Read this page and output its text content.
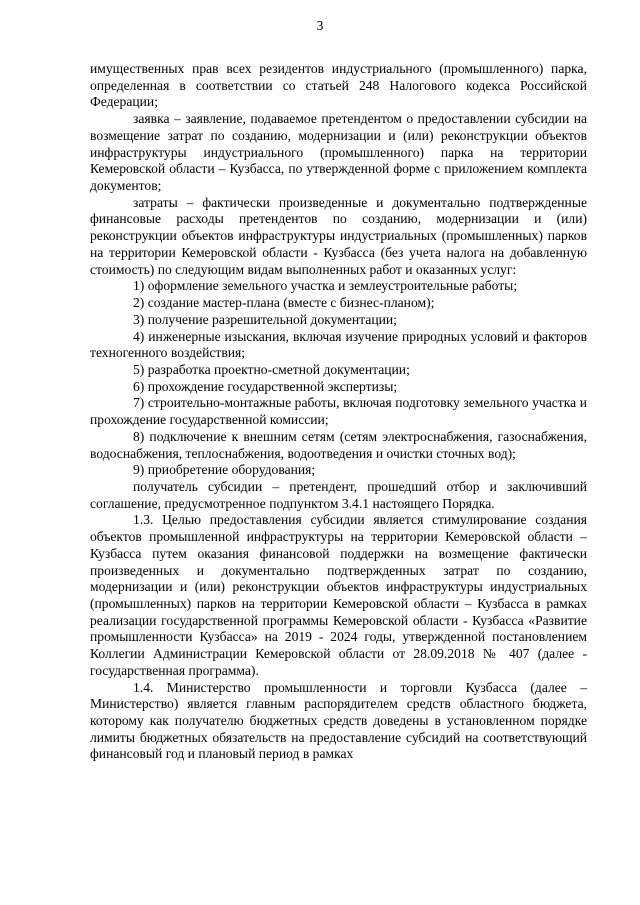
3

имущественных прав всех резидентов индустриального (промышленного) парка, определенная в соответствии со статьей 248 Налогового кодекса Российской Федерации;

заявка – заявление, подаваемое претендентом о предоставлении субсидии на возмещение затрат по созданию, модернизации и (или) реконструкции объектов инфраструктуры индустриального (промышленного) парка на территории Кемеровской области – Кузбасса, по утвержденной форме с приложением комплекта документов;

затраты – фактически произведенные и документально подтвержденные финансовые расходы претендентов по созданию, модернизации и (или) реконструкции объектов инфраструктуры индустриальных (промышленных) парков на территории Кемеровской области - Кузбасса (без учета налога на добавленную стоимость) по следующим видам выполненных работ и оказанных услуг:

1) оформление земельного участка и землеустроительные работы;

2) создание мастер-плана (вместе с бизнес-планом);

3) получение разрешительной документации;

4) инженерные изыскания, включая изучение природных условий и факторов техногенного воздействия;

5) разработка проектно-сметной документации;

6) прохождение государственной экспертизы;

7) строительно-монтажные работы, включая подготовку земельного участка и прохождение государственной комиссии;

8) подключение к внешним сетям (сетям электроснабжения, газоснабжения, водоснабжения, теплоснабжения, водоотведения и очистки сточных вод);

9) приобретение оборудования;

получатель субсидии – претендент, прошедший отбор и заключивший соглашение, предусмотренное подпунктом 3.4.1 настоящего Порядка.

1.3. Целью предоставления субсидии является стимулирование создания объектов промышленной инфраструктуры на территории Кемеровской области – Кузбасса путем оказания финансовой поддержки на возмещение фактически произведенных и документально подтвержденных затрат по созданию, модернизации и (или) реконструкции объектов инфраструктуры индустриальных (промышленных) парков на территории Кемеровской области – Кузбасса в рамках реализации государственной программы Кемеровской области - Кузбасса «Развитие промышленности Кузбасса» на 2019 - 2024 годы, утвержденной постановлением Коллегии Администрации Кемеровской области от 28.09.2018 № 407 (далее - государственная программа).

1.4. Министерство промышленности и торговли Кузбасса (далее – Министерство) является главным распорядителем средств областного бюджета, которому как получателю бюджетных средств доведены в установленном порядке лимиты бюджетных обязательств на предоставление субсидий на соответствующий финансовый год и плановый период в рамках
